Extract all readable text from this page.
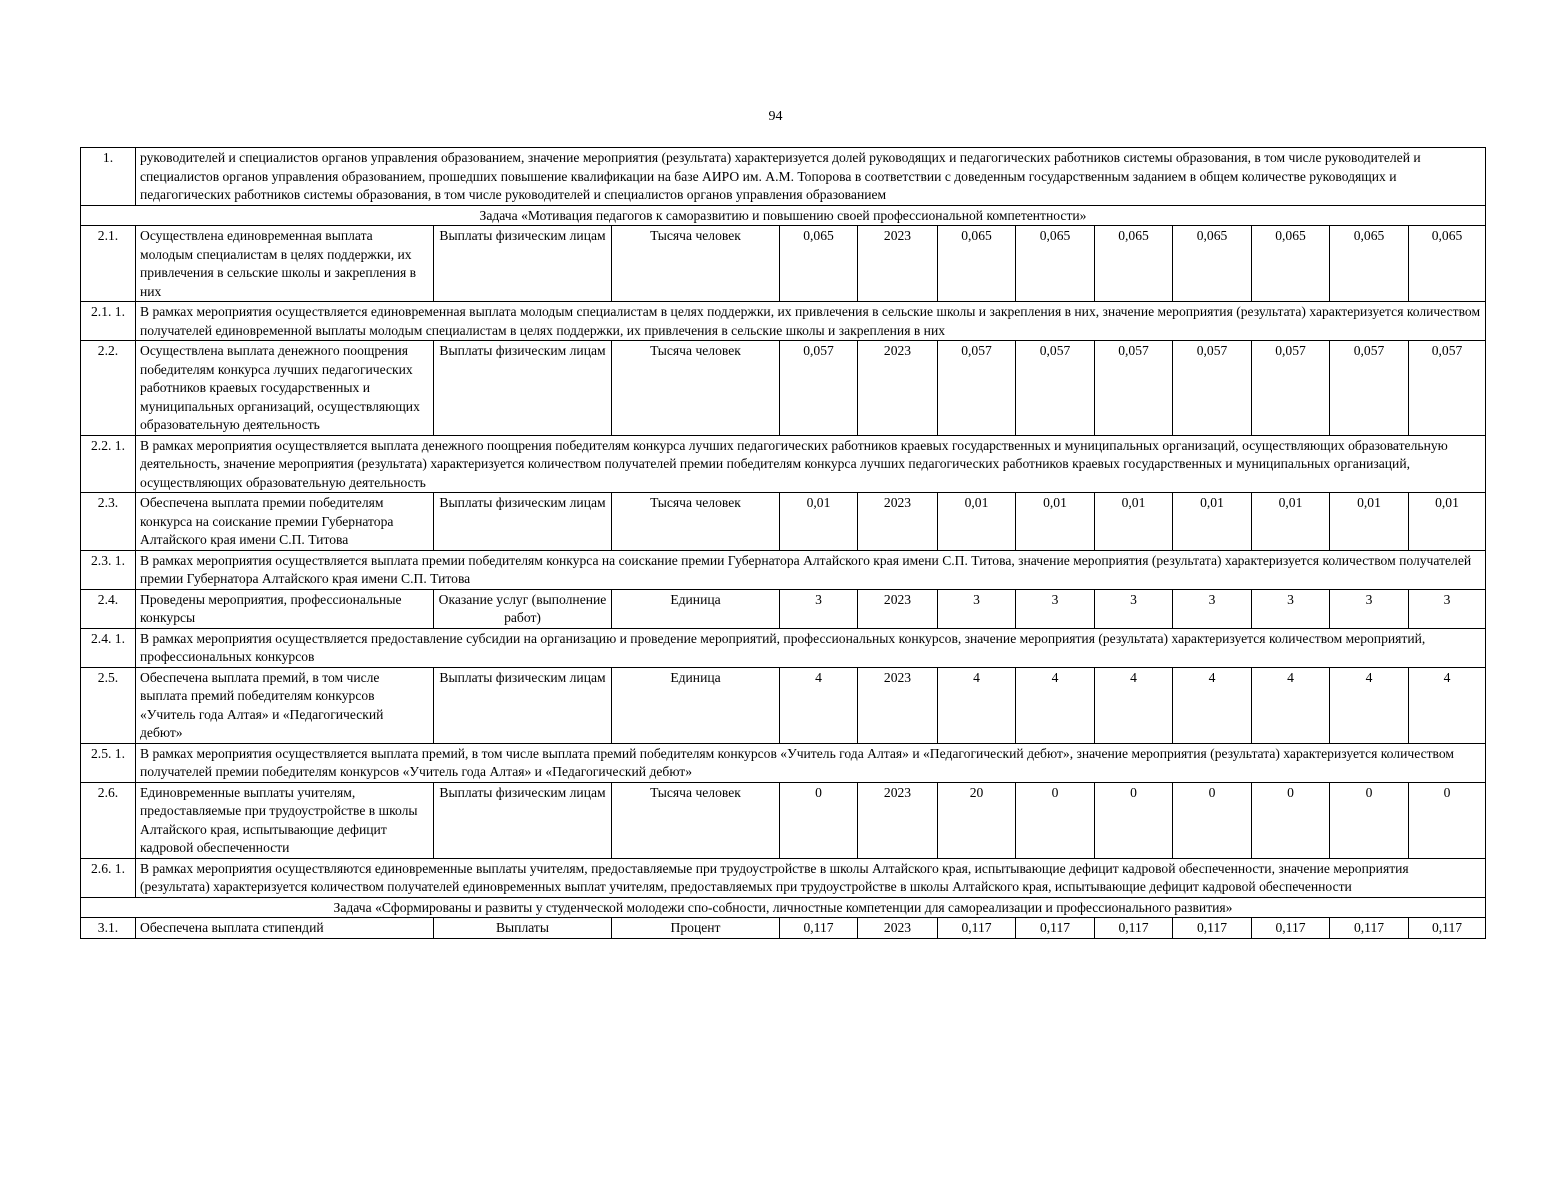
94
1.	руководителей и специалистов органов управления образованием, значение мероприятия (результата) характеризуется долей руководящих и педагогических работников системы образования, в том числе руководителей и специалистов органов управления образованием, прошедших повышение квалификации на базе АИРО им. А.М. Топорова в соответствии с доведенным государственным заданием в общем количестве руководящих и педагогических работников системы образования, в том числе руководителей и специалистов органов управления образованием											
Задача «Мотивация педагогов к саморазвитию и повышению своей профессиональной компетентности»												
2.1.	Осуществлена единовременная выплата молодым специалистам в целях поддержки, их привлечения в сельские школы и закрепления в них	Выплаты физическим лицам	Тысяча человек	0,065	2023	0,065	0,065	0,065	0,065	0,065	0,065	0,065
2.1. 1.	В рамках мероприятия осуществляется единовременная выплата молодым специалистам в целях поддержки, их привлечения в сельские школы и закрепления в них, значение мероприятия (результата) характеризуется количеством получателей единовременной выплаты молодым специалистам в целях поддержки, их привлечения в сельские школы и закрепления в них											
2.2.	Осуществлена выплата денежного поощрения победителям конкурса лучших педагогических работников краевых государственных и муниципальных организаций, осуществляющих образовательную деятельность	Выплаты физическим лицам	Тысяча человек	0,057	2023	0,057	0,057	0,057	0,057	0,057	0,057	0,057
2.2. 1.	В рамках мероприятия осуществляется выплата денежного поощрения победителям конкурса лучших педагогических работников краевых государственных и муниципальных организаций, осуществляющих образовательную деятельность, значение мероприятия (результата) характеризуется количеством получателей премии победителям конкурса лучших педагогических работников краевых государственных и муниципальных организаций, осуществляющих образовательную деятельность											
2.3.	Обеспечена выплата премии победителям конкурса на соискание премии Губернатора Алтайского края имени С.П. Титова	Выплаты физическим лицам	Тысяча человек	0,01	2023	0,01	0,01	0,01	0,01	0,01	0,01	0,01
2.3. 1.	В рамках мероприятия осуществляется выплата премии победителям конкурса на соискание премии Губернатора Алтайского края имени С.П. Титова, значение мероприятия (результата) характеризуется количеством получателей премии Губернатора Алтайского края имени С.П. Титова											
2.4.	Проведены мероприятия, профессиональные конкурсы	Оказание услуг (выполнение работ)	Единица	3	2023	3	3	3	3	3	3	3
2.4. 1.	В рамках мероприятия осуществляется предоставление субсидии на организацию и проведение мероприятий, профессиональных конкурсов, значение мероприятия (результата) характеризуется количеством мероприятий, профессиональных конкурсов											
2.5.	Обеспечена выплата премий, в том числе выплата премий победителям конкурсов «Учитель года Алтая» и «Педагогический дебют»	Выплаты физическим лицам	Единица	4	2023	4	4	4	4	4	4	4
2.5. 1.	В рамках мероприятия осуществляется выплата премий, в том числе выплата премий победителям конкурсов «Учитель года Алтая» и «Педагогический дебют», значение мероприятия (результата) характеризуется количеством получателей премии победителям конкурсов «Учитель года Алтая» и «Педагогический дебют»											
2.6.	Единовременные выплаты учителям, предоставляемые при трудоустройстве в школы Алтайского края, испытывающие дефицит кадровой обеспеченности	Выплаты физическим лицам	Тысяча человек	0	2023	20	0	0	0	0	0	0
2.6. 1.	В рамках мероприятия осуществляются единовременные выплаты учителям, предоставляемые при трудоустройстве в школы Алтайского края, испытывающие дефицит кадровой обеспеченности, значение мероприятия (результата) характеризуется количеством получателей единовременных выплат учителям, предоставляемых при трудоустройстве в школы Алтайского края, испытывающие дефицит кадровой обеспеченности											
Задача «Сформированы и развиты у студенческой молодежи спо-собности, личностные компетенции для самореализации и профессионального развития»												
3.1.	Обеспечена выплата стипендий	Выплаты	Процент	0,117	2023	0,117	0,117	0,117	0,117	0,117	0,117	0,117
